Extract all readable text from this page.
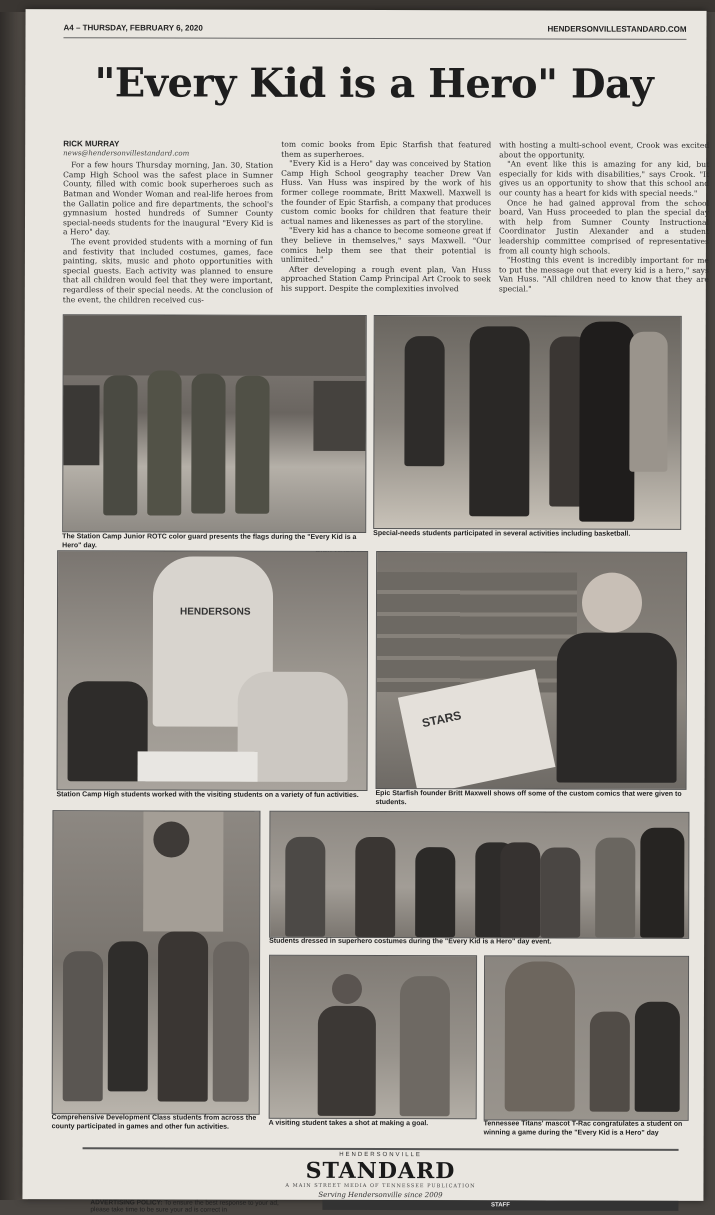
A4 – THURSDAY, FEBRUARY 6, 2020	HENDERSONVILLESTANDARD.COM
"Every Kid is a Hero" Day
RICK MURRAY
news@hendersonvillestandard.com

For a few hours Thursday morning, Jan. 30, Station Camp High School was the safest place in Sumner County, filled with comic book superheroes such as Batman and Wonder Woman and real-life heroes from the Gallatin police and fire departments, the school's gymnasium hosted hundreds of Sumner County special-needs students for the inaugural "Every Kid is a Hero" day.

The event provided students with a morning of fun and festivity that included costumes, games, face painting, skits, music and photo opportunities with special guests. Each activity was planned to ensure that all children would feel that they were important, regardless of their special needs. At the conclusion of the event, the children received cus-

tom comic books from Epic Starfish that featured them as superheroes.

"Every Kid is a Hero" day was conceived by Station Camp High School geography teacher Drew Van Huss. Van Huss was inspired by the work of his former college roommate, Britt Maxwell. Maxwell is the founder of Epic Starfish, a company that produces custom comic books for children that feature their actual names and likenesses as part of the storyline.

"Every kid has a chance to become someone great if they believe in themselves," says Maxwell. "Our comics help them see that their potential is unlimited."

After developing a rough event plan, Van Huss approached Station Camp Principal Art Crook to seek his support. Despite the complexities involved

with hosting a multi-school event, Crook was excited about the opportunity.

"An event like this is amazing for any kid, but especially for kids with disabilities," says Crook. "It gives us an opportunity to show that this school and our county has a heart for kids with special needs."

Once he had gained approval from the school board, Van Huss proceeded to plan the special day with help from Sumner County Instructional Coordinator Justin Alexander and a student leadership committee comprised of representatives from all county high schools.

"Hosting this event is incredibly important for me to put the message out that every kid is a hero," says Van Huss. "All children need to know that they are special."

The Station Camp Junior ROTC color guard presents the flags during the "Every Kid is a Hero" day.
Special-needs students participated in several activities including basketball.
HENDERSONS
Station Camp High students worked with the visiting students on a variety of fun activities.
STARS
Epic Starfish founder Britt Maxwell shows off some of the custom comics that were given to students.
Comprehensive Development Class students from across the county participated in games and other fun activities.
Students dressed in superhero costumes during the "Every Kid is a Hero" day event.
A visiting student takes a shot at making a goal.	Tennessee Titans' mascot T-Rac congratulates a student on winning a game during the "Every Kid is a Hero" day
HENDERSONVILLE
STANDARD
A MAIN STREET MEDIA OF TENNESSEE PUBLICATION
Serving Hendersonville since 2009
ADVERTISING POLICY: To ensure the best response to your ad, please take time to be sure your ad is correct in
STAFF
